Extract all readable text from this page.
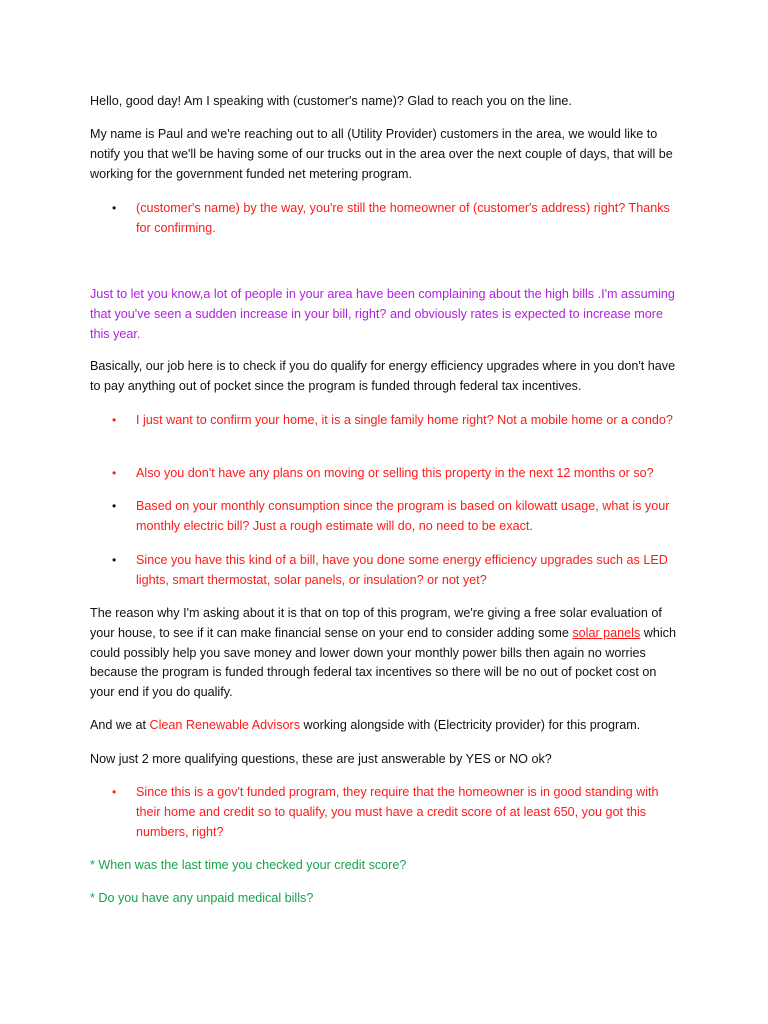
Hello, good day! Am I speaking with (customer's name)? Glad to reach you on the line.

My name is Paul and we're reaching out to all (Utility Provider) customers in the area, we would like to notify you that we'll be having some of our trucks out in the area over the next couple of days, that will be working for the government funded net metering program.

•	(customer's name) by the way, you're still the homeowner of (customer's address) right? Thanks for confirming.

Just to let you know,a lot of people in your area have been complaining about the high bills .I'm assuming that you've seen a sudden increase in your bill, right? and obviously rates is expected to increase more this year.

Basically, our job here is to check if you do qualify for energy efficiency upgrades where in you don't have to pay anything out of pocket since the program is funded through federal tax incentives.

•	I just want to confirm your home, it is a single family home right? Not a mobile home or a condo?
•	Also you don't have any plans on moving or selling this property in the next 12 months or so?
•	Based on your monthly consumption since the program is based on kilowatt usage, what is your monthly electric bill? Just a rough estimate will do, no need to be exact.
•	Since you have this kind of a bill, have you done some energy efficiency upgrades such as LED lights, smart thermostat, solar panels, or insulation? or not yet?

The reason why I'm asking about it is that on top of this program, we're giving a free solar evaluation of your house, to see if it can make financial sense on your end to consider adding some solar panels which could possibly help you save money and lower down your monthly power bills then again no worries because the program is funded through federal tax incentives so there will be no out of pocket cost on your end if you do qualify.

And we at Clean Renewable Advisors working alongside with (Electricity provider) for this program.

Now just 2 more qualifying questions, these are just answerable by YES or NO ok?

•	Since this is a gov't funded program, they require that the homeowner is in good standing with their home and credit so to qualify, you must have a credit score of at least 650, you got this numbers, right?

* When was the last time you checked your credit score?

* Do you have any unpaid medical bills?
